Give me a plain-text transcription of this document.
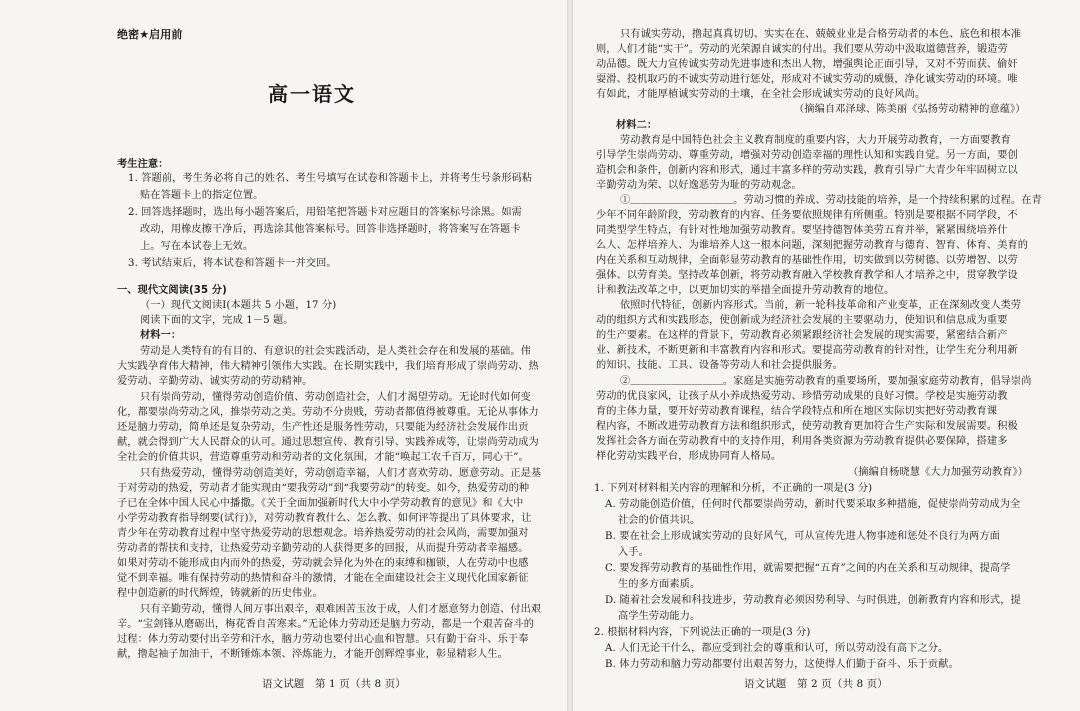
绝密★启用前
高一语文
考生注意：
1. 答题前，考生务必将自己的姓名、考生号填写在试卷和答题卡上，并将考生号条形码粘
贴在答题卡上的指定位置。
2. 回答选择题时，选出每小题答案后，用铅笔把答题卡对应题目的答案标号涂黑。如需
改动，用橡皮擦干净后，再选涂其他答案标号。回答非选择题时，将答案写在答题卡
上。写在本试卷上无效。
3. 考试结束后，将本试卷和答题卡一并交回。
一、现代文阅读(35 分)
（一）现代文阅读Ⅰ(本题共 5 小题，17 分)
阅读下面的文字，完成 1－5 题。
材料一：
劳动是人类特有的有目的、有意识的社会实践活动，是人类社会存在和发展的基础。伟
大实践孕育伟大精神，伟大精神引领伟大实践。在长期实践中，我们培育形成了崇尚劳动、热
爱劳动、辛勤劳动、诚实劳动的劳动精神。
只有崇尚劳动，懂得劳动创造价值、劳动创造社会，人们才渴望劳动。无论时代如何变
化，都要崇尚劳动之风，推崇劳动之美。劳动不分贵贱，劳动者都值得被尊重。无论从事体力
还是脑力劳动，简单还是复杂劳动，生产性还是服务性劳动，只要能为经济社会发展作出贡
献，就会得到广大人民群众的认可。通过思想宣传、教育引导、实践养成等，让崇尚劳动成为
全社会的价值共识，营造尊重劳动和劳动者的文化氛围，才能“唤起工农千百万，同心干”。
只有热爱劳动，懂得劳动创造美好，劳动创造幸福，人们才喜欢劳动、愿意劳动。正是基
于对劳动的热爱，劳动者才能实现由“要我劳动”到“我要劳动”的转变。如今，热爱劳动的种
子已在全体中国人民心中播撒。《关于全面加强新时代大中小学劳动教育的意见》和《大中
小学劳动教育指导纲要(试行)》，对劳动教育教什么、怎么教、如何评等提出了具体要求，让
青少年在劳动教育过程中坚守热爱劳动的思想观念。培养热爱劳动的社会风尚，需要加强对
劳动者的帮扶和支持，让热爱劳动辛勤劳动的人获得更多的回报，从而提升劳动者幸福感。
如果对劳动不能形成由内而外的热爱，劳动就会异化为外在的束缚和枷锁，人在劳动中也感
觉不到幸福。唯有保持劳动的热情和奋斗的激情，才能在全面建设社会主义现代化国家新征
程中创造新的时代辉煌，铸就新的历史伟业。
只有辛勤劳动，懂得人间万事出艰辛，艰难困苦玉汝于成，人们才愿意努力创造、付出艰
辛。“宝剑锋从磨砺出，梅花香自苦寒来。”无论体力劳动还是脑力劳动，都是一个艰苦奋斗的
过程：体力劳动要付出辛劳和汗水，脑力劳动也要付出心血和智慧。只有勤于奋斗、乐于奉
献，撸起袖子加油干，不断锤炼本领、淬炼能力，才能开创辉煌事业，彰显精彩人生。
语文试题　第 1 页（共 8 页）
只有诚实劳动，撸起真真切切、实实在在、兢兢业业是合格劳动者的本色、底色和根本准
则，人们才能“实干”。劳动的光荣源自诚实的付出。我们要从劳动中汲取道德营养，锻造劳
动品德。既大力宣传诚实劳动先进事迹和杰出人物，增强舆论正面引导，又对不劳而获、偷奸
耍滑、投机取巧的不诚实劳动进行惩处，形成对不诚实劳动的威慑，净化诚实劳动的环境。唯
有如此，才能厚植诚实劳动的土壤，在全社会形成诚实劳动的良好风尚。
（摘编自邓泽球、陈美丽《弘扬劳动精神的意蕴》）
材料二：
劳动教育是中国特色社会主义教育制度的重要内容，大力开展劳动教育，一方面要教育
引导学生崇尚劳动、尊重劳动，增强对劳动创造幸福的理性认知和实践自觉。另一方面，要创
造机会和条件，创新内容和形式，通过丰富多样的劳动实践，教育引导广大青少年牢固树立以
辛勤劳动为荣、以好逸恶劳为耻的劳动观念。
①＿＿＿＿＿＿＿＿＿＿。劳动习惯的养成、劳动技能的培养，是一个持续积累的过程。在青
少年不同年龄阶段，劳动教育的内容、任务要依照规律有所侧重。特别是要根据不同学段，不
同类型学生特点，有针对性地加强劳动教育。要坚持德智体美劳五育并举，紧紧围绕培养什
么人、怎样培养人、为谁培养人这一根本问题，深刻把握劳动教育与德育、智育、体育、美育的
内在关系和互动规律，全面彰显劳动教育的基础性作用，切实做到以劳树德、以劳增智、以劳
强体、以劳育美。坚持改革创新，将劳动教育融入学校教育教学和人才培养之中，贯穿教学设
计和教法改革之中，以更加切实的举措全面提升劳动教育的地位。
依照时代特征，创新内容形式。当前，新一轮科技革命和产业变革，正在深刻改变人类劳
动的组织方式和实践形态，使创新成为经济社会发展的主要驱动力，使知识和信息成为重要
的生产要素。在这样的背景下，劳动教育必须紧跟经济社会发展的现实需要，紧密结合新产
业、新技术，不断更新和丰富教育内容和形式。要提高劳动教育的针对性，让学生充分利用新
的知识、技能、工具、设备等劳动人和社会提供服务。
②＿＿＿＿＿＿＿＿＿。家庭是实施劳动教育的重要场所，要加强家庭劳动教育，倡导崇尚
劳动的优良家风，让孩子从小养成热爱劳动、珍惜劳动成果的良好习惯。学校是实施劳动教
育的主体力量，要开好劳动教育课程，结合学段特点和所在地区实际切实把好劳动教育课
程内容，不断改进劳动教育方法和组织形式，使劳动教育更加符合生产实际和发展需要。积极
发挥社会各方面在劳动教育中的支持作用，利用各类资源为劳动教育提供必要保障，搭建多
样化劳动实践平台，形成协同育人格局。
（摘编自杨晓慧《大力加强劳动教育》）
1. 下列对材料相关内容的理解和分析，不正确的一项是(3 分)
A. 劳动能创造价值，任何时代都要崇尚劳动，新时代要采取多种措施，促使崇尚劳动成为全
社会的价值共识。
B. 要在社会上形成诚实劳动的良好风气，可从宣传先进人物事迹和惩处不良行为两方面
入手。
C. 要发挥劳动教育的基础性作用，就需要把握“五育”之间的内在关系和互动规律，提高学
生的多方面素质。
D. 随着社会发展和科技进步，劳动教育必须因势利导、与时俱进，创新教育内容和形式，提
高学生劳动能力。
2. 根据材料内容，下列说法正确的一项是(3 分)
A. 人们无论干什么，都应受到社会的尊重和认可，所以劳动没有高下之分。
B. 体力劳动和脑力劳动都要付出艰苦努力，这使得人们勤于奋斗、乐于贡献。
语文试题　第 2 页（共 8 页）
